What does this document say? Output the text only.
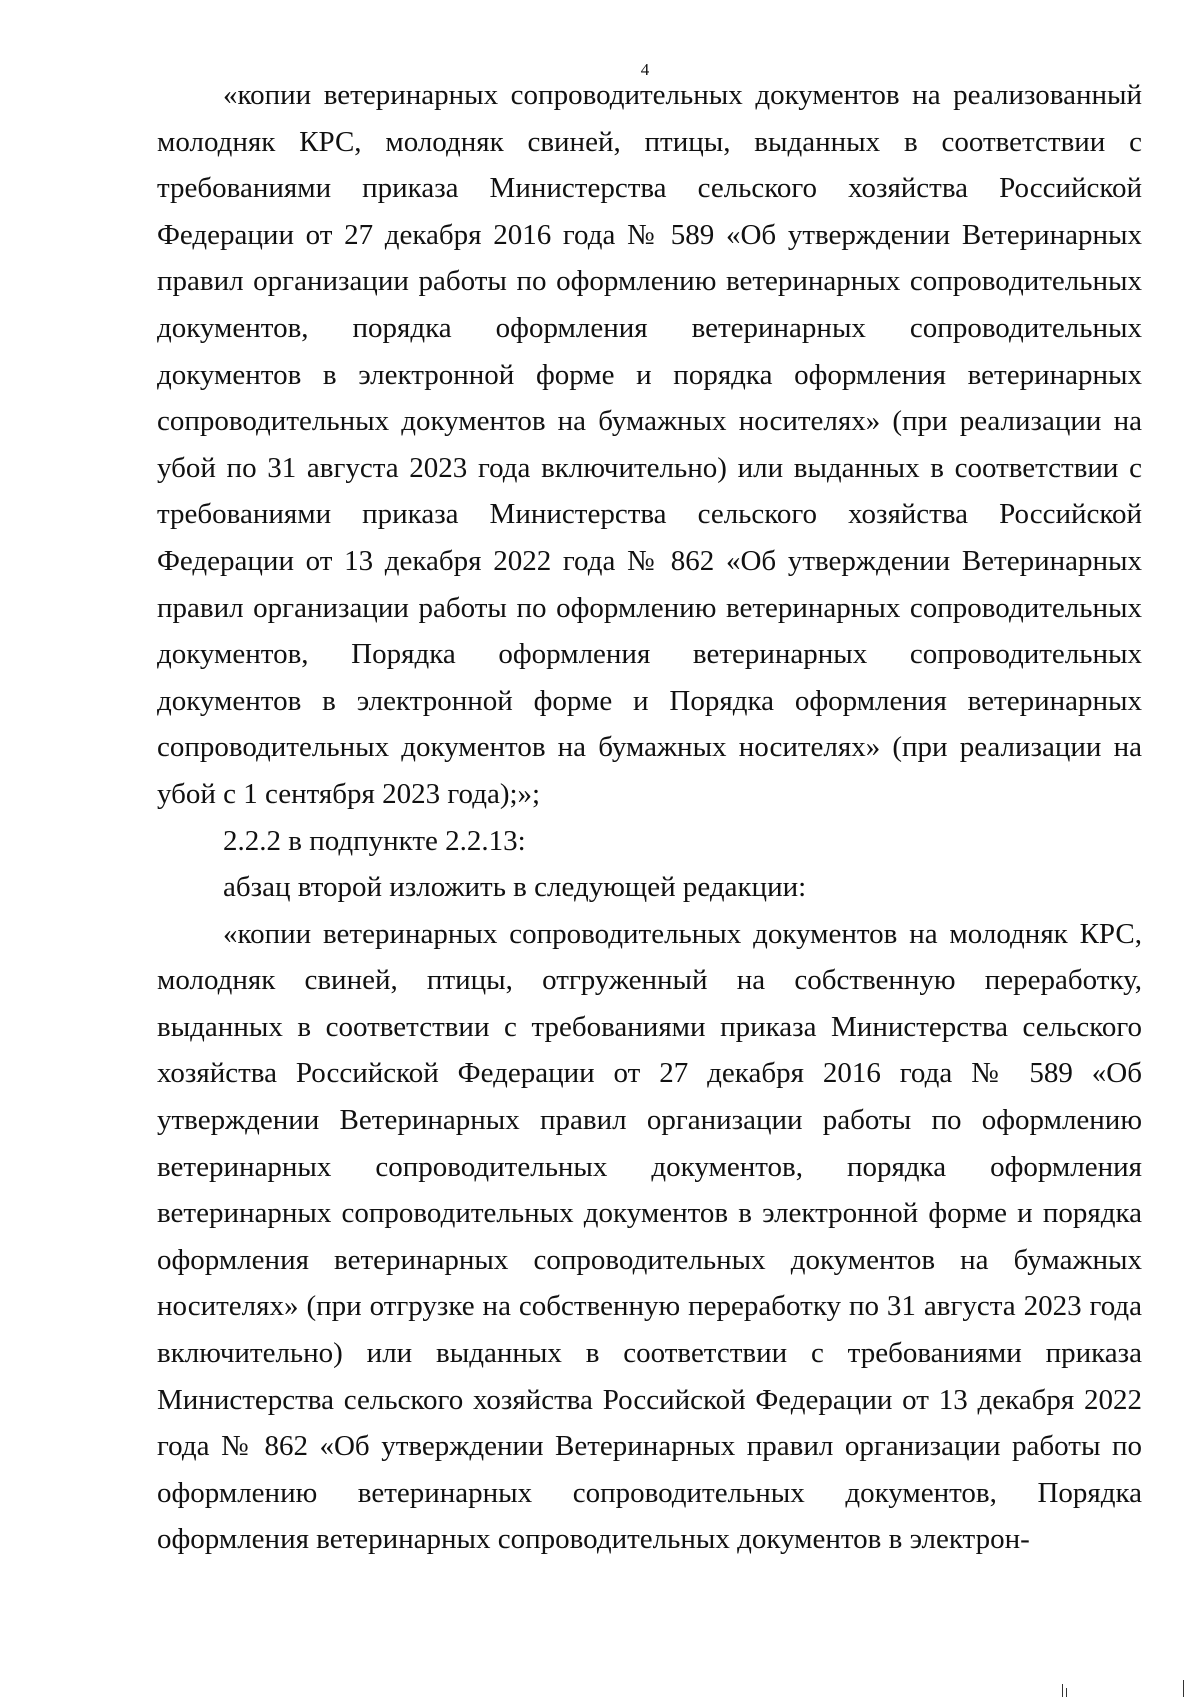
4

«копии ветеринарных сопроводительных документов на реализованный молодняк КРС, молодняк свиней, птицы, выданных в соответствии с требованиями приказа Министерства сельского хозяйства Российской Федерации от 27 декабря 2016 года № 589 «Об утверждении Ветеринарных правил организации работы по оформлению ветеринарных сопроводительных документов, порядка оформления ветеринарных сопроводительных документов в электронной форме и порядка оформления ветеринарных сопроводительных документов на бумажных носителях» (при реализации на убой по 31 августа 2023 года включительно) или выданных в соответствии с требованиями приказа Министерства сельского хозяйства Российской Федерации от 13 декабря 2022 года № 862 «Об утверждении Ветеринарных правил организации работы по оформлению ветеринарных сопроводительных документов, Порядка оформления ветеринарных сопроводительных документов в электронной форме и Порядка оформления ветеринарных сопроводительных документов на бумажных носителях» (при реализации на убой с 1 сентября 2023 года);»;

2.2.2 в подпункте 2.2.13:

абзац второй изложить в следующей редакции:

«копии ветеринарных сопроводительных документов на молодняк КРС, молодняк свиней, птицы, отгруженный на собственную переработку, выданных в соответствии с требованиями приказа Министерства сельского хозяйства Российской Федерации от 27 декабря 2016 года № 589 «Об утверждении Ветеринарных правил организации работы по оформлению ветеринарных сопроводительных документов, порядка оформления ветеринарных сопроводительных документов в электронной форме и порядка оформления ветеринарных сопроводительных документов на бумажных носителях» (при отгрузке на собственную переработку по 31 августа 2023 года включительно) или выданных в соответствии с требованиями приказа Министерства сельского хозяйства Российской Федерации от 13 декабря 2022 года № 862 «Об утверждении Ветеринарных правил организации работы по оформлению ветеринарных сопроводительных документов, Порядка оформления ветеринарных сопроводительных документов в электрон-
